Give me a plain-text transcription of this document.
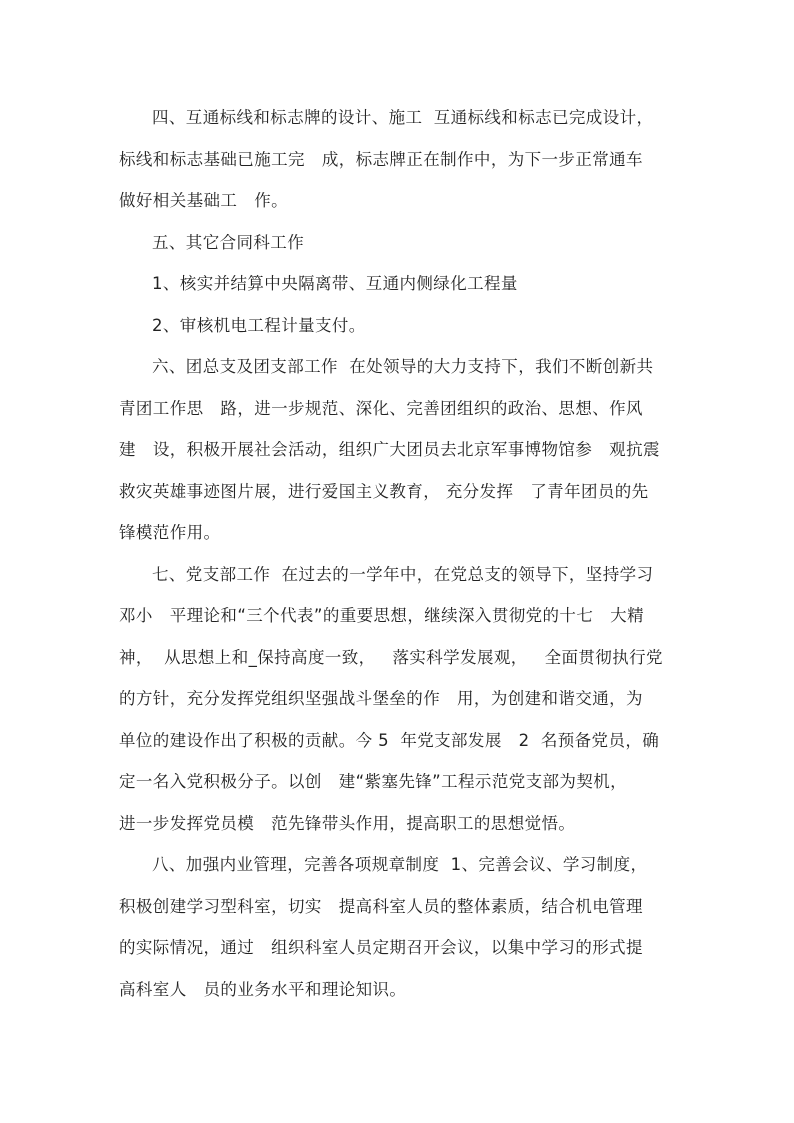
四、互通标线和标志牌的设计、施工  互通标线和标志已完成设计，
标线和标志基础已施工完   成，标志牌正在制作中，为下一步正常通车
做好相关基础工   作。

五、其它合同科工作

1、核实并结算中央隔离带、互通内侧绿化工程量

2、审核机电工程计量支付。

六、团总支及团支部工作  在处领导的大力支持下，我们不断创新共
青团工作思   路，进一步规范、深化、完善团组织的政治、思想、作风
建   设，积极开展社会活动，组织广大团员去北京军事博物馆参   观抗震
救灾英雄事迹图片展，进行爱国主义教育， 充分发挥   了青年团员的先
锋模范作用。

七、党支部工作  在过去的一学年中，在党总支的领导下，坚持学习
邓小   平理论和“三个代表”的重要思想，继续深入贯彻党的十七   大精
神，  从思想上和_保持高度一致，   落实科学发展观，   全面贯彻执行党
的方针，充分发挥党组织坚强战斗堡垒的作   用，为创建和谐交通，为
单位的建设作出了积极的贡献。今 5  年党支部发展   2  名预备党员，确
定一名入党积极分子。以创   建“紫塞先锋”工程示范党支部为契机，
进一步发挥党员模   范先锋带头作用，提高职工的思想觉悟。

八、加强内业管理，完善各项规章制度  1、完善会议、学习制度，
积极创建学习型科室，切实   提高科室人员的整体素质，结合机电管理
的实际情况，通过   组织科室人员定期召开会议，以集中学习的形式提
高科室人   员的业务水平和理论知识。
